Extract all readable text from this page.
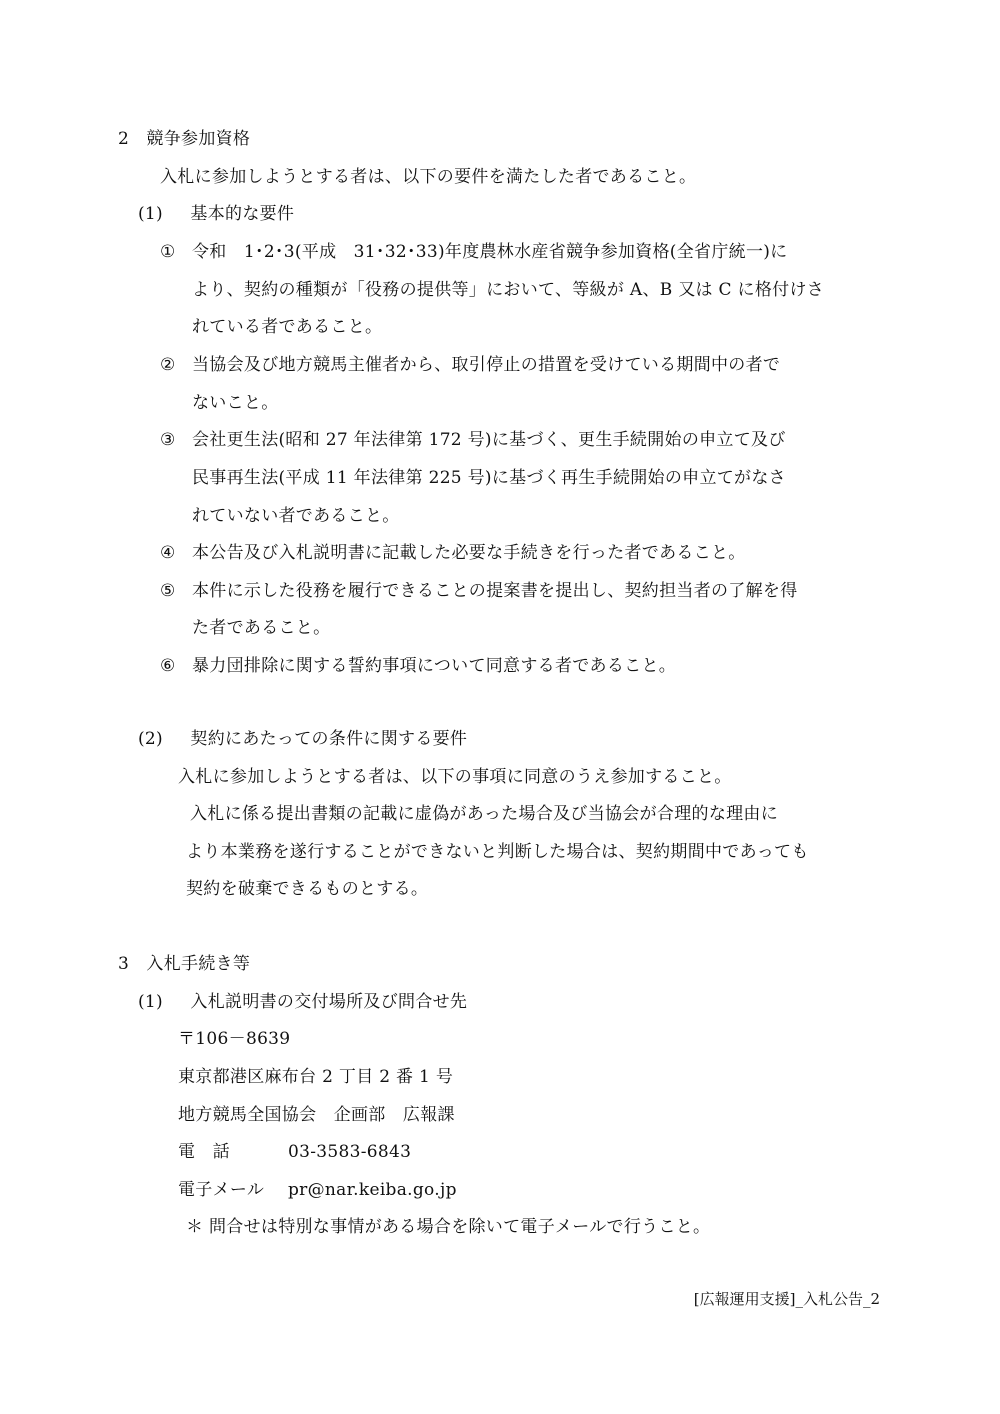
2　競争参加資格
入札に参加しようとする者は、以下の要件を満たした者であること。
(1) 基本的な要件
① 令和　1･2･3(平成　31･32･33)年度農林水産省競争参加資格(全省庁統一)に
より、契約の種類が「役務の提供等」において、等級が A、B 又は C に格付けさ
れている者であること。
② 当協会及び地方競馬主催者から、取引停止の措置を受けている期間中の者で
ないこと。
③ 会社更生法(昭和 27 年法律第 172 号)に基づく、更生手続開始の申立て及び
民事再生法(平成 11 年法律第 225 号)に基づく再生手続開始の申立てがなさ
れていない者であること。
④ 本公告及び入札説明書に記載した必要な手続きを行った者であること。
⑤ 本件に示した役務を履行できることの提案書を提出し、契約担当者の了解を得
た者であること。
⑥ 暴力団排除に関する誓約事項について同意する者であること。
(2) 契約にあたっての条件に関する要件
入札に参加しようとする者は、以下の事項に同意のうえ参加すること。
入札に係る提出書類の記載に虚偽があった場合及び当協会が合理的な理由に
より本業務を遂行することができないと判断した場合は、契約期間中であっても
契約を破棄できるものとする。
3　入札手続き等
(1) 入札説明書の交付場所及び問合せ先
〒106－8639
東京都港区麻布台 2 丁目 2 番 1 号
地方競馬全国協会　企画部　広報課
電　話	03-3583-6843
電子メール pr@nar.keiba.go.jp
＊ 問合せは特別な事情がある場合を除いて電子メールで行うこと。
[広報運用支援]_入札公告_2
